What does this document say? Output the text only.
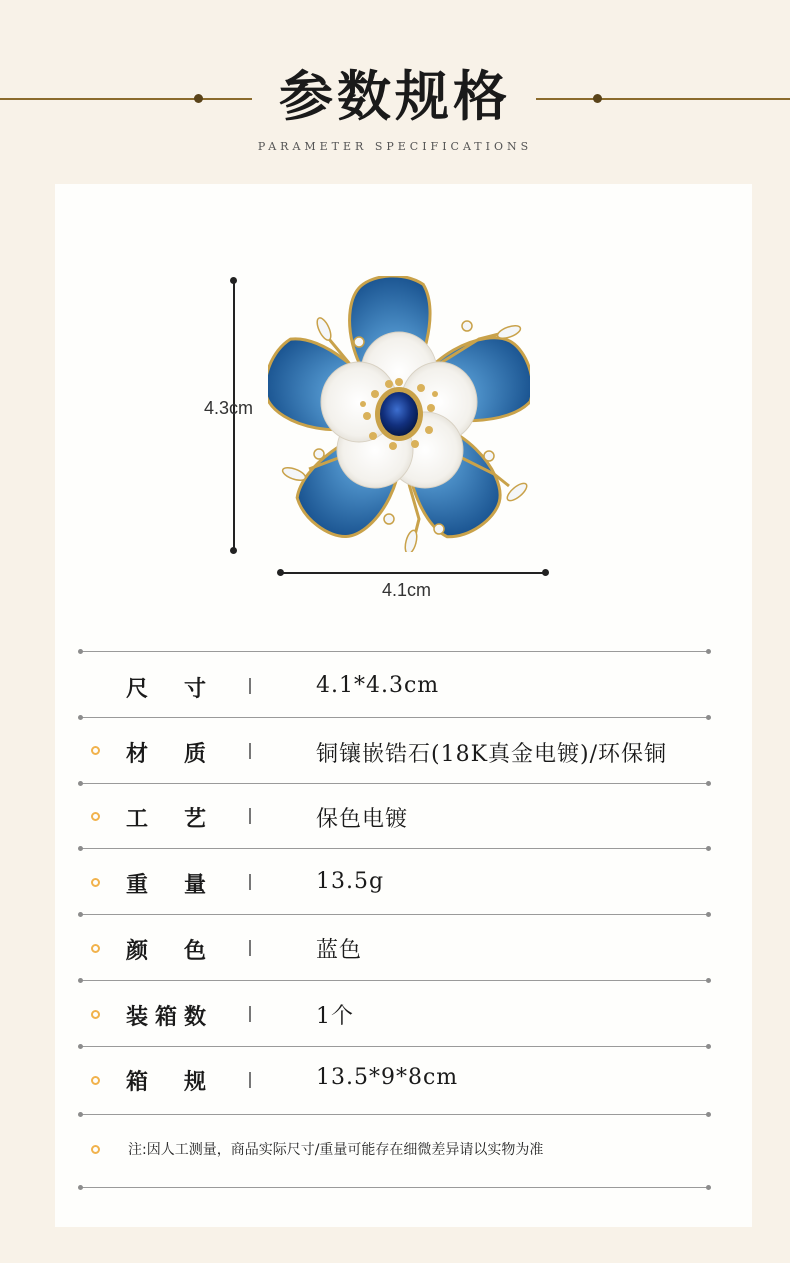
参数规格
PARAMETER SPECIFICATIONS
4.3cm
4.1cm
尺 寸	4.1*4.3cm
材 质	铜镶嵌锆石(18K真金电镀)/环保铜
工 艺	保色电镀
重 量	13.5g
颜 色	蓝色
装箱数	1个
箱 规	13.5*9*8cm
注:因人工测量，商品实际尺寸/重量可能存在细微差异请以实物为准
